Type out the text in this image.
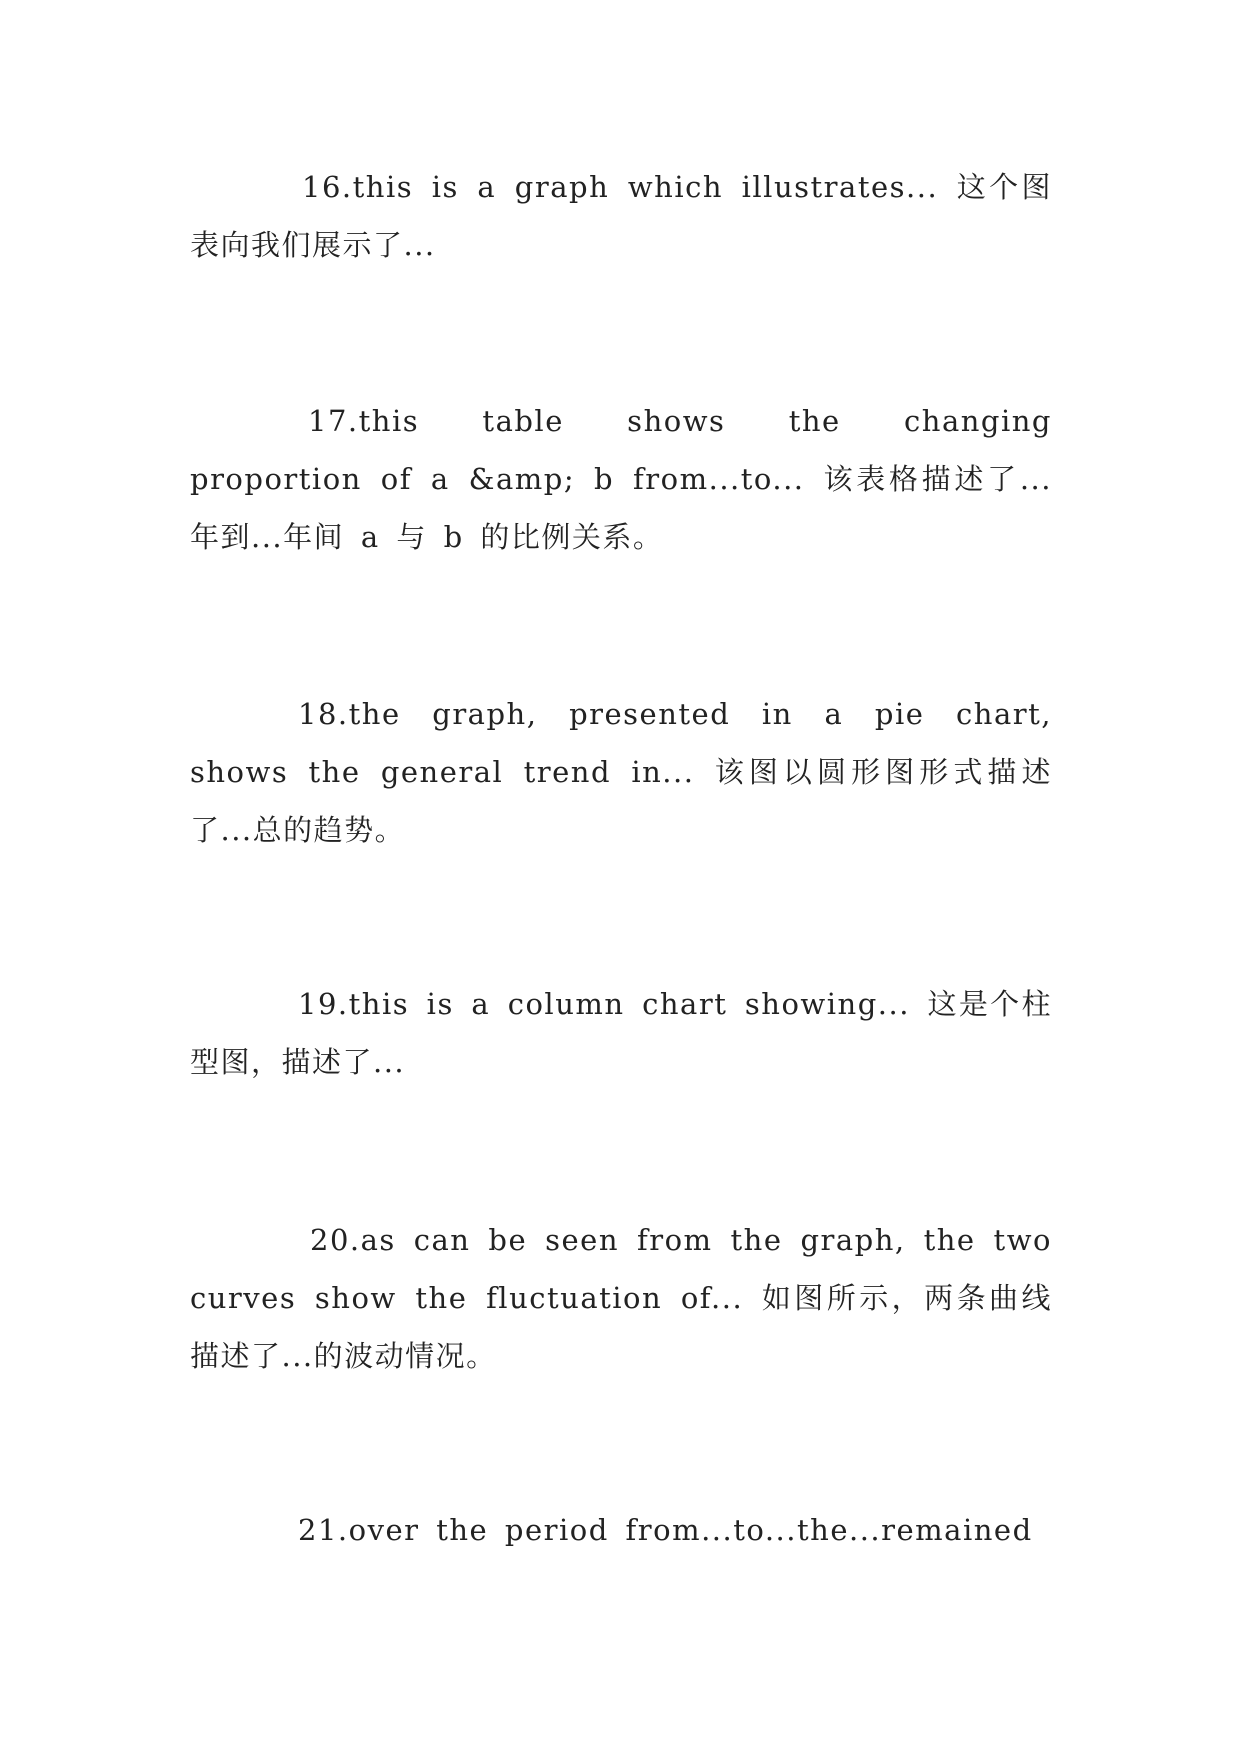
16.this is a graph which illustrates... 这个图表向我们展示了...

17.this table shows the changing proportion of a &amp; b from...to... 该表格描述了...年到...年间 a 与 b 的比例关系。

18.the graph, presented in a pie chart, shows the general trend in... 该图以圆形图形式描述了...总的趋势。

19.this is a column chart showing... 这是个柱型图，描述了...

20.as can be seen from the graph, the two curves show the fluctuation of... 如图所示，两条曲线描述了...的波动情况。

21.over the period from...to...the...remained
